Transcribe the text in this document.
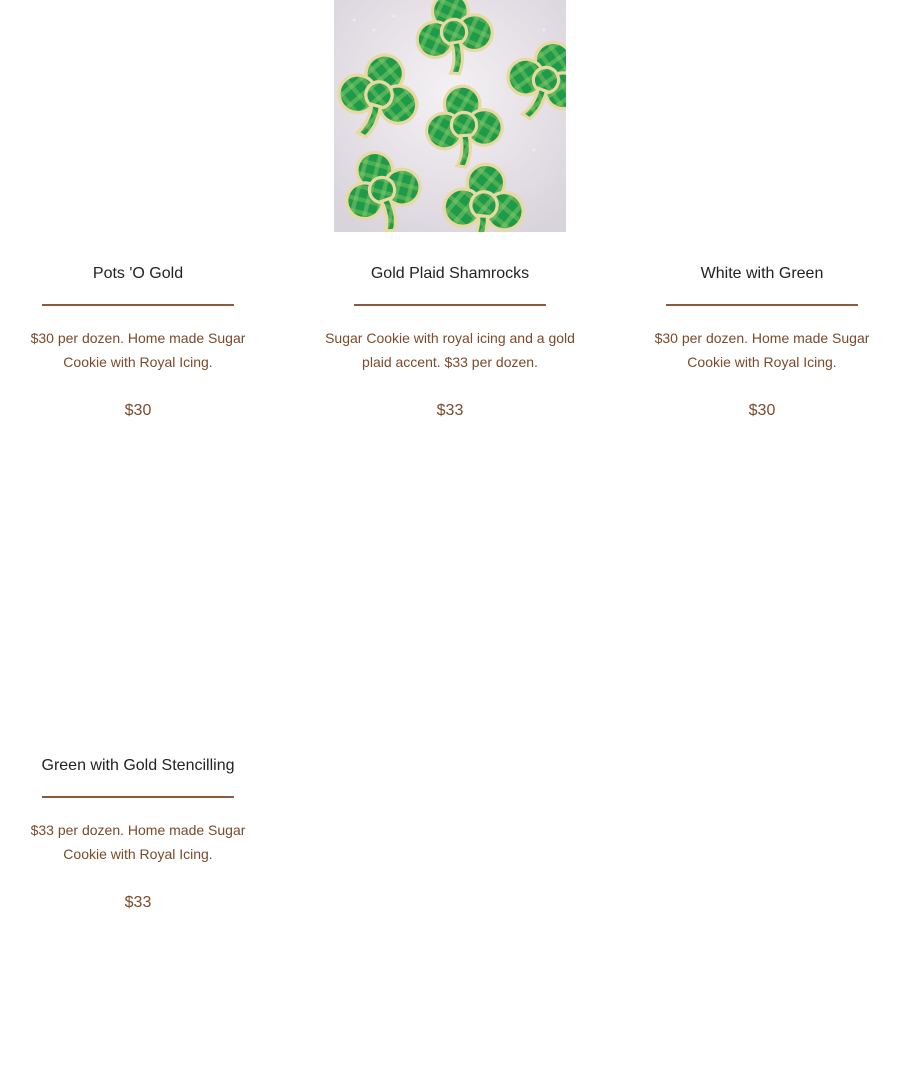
Pots 'O Gold
$30 per dozen. Home made Sugar Cookie with Royal Icing.
$30
Gold Plaid Shamrocks
Sugar Cookie with royal icing and a gold plaid accent. $33 per dozen.
$33
White with Green
$30 per dozen. Home made Sugar Cookie with Royal Icing.
$30
Green with Gold Stencilling
$33 per dozen. Home made Sugar Cookie with Royal Icing.
$33
